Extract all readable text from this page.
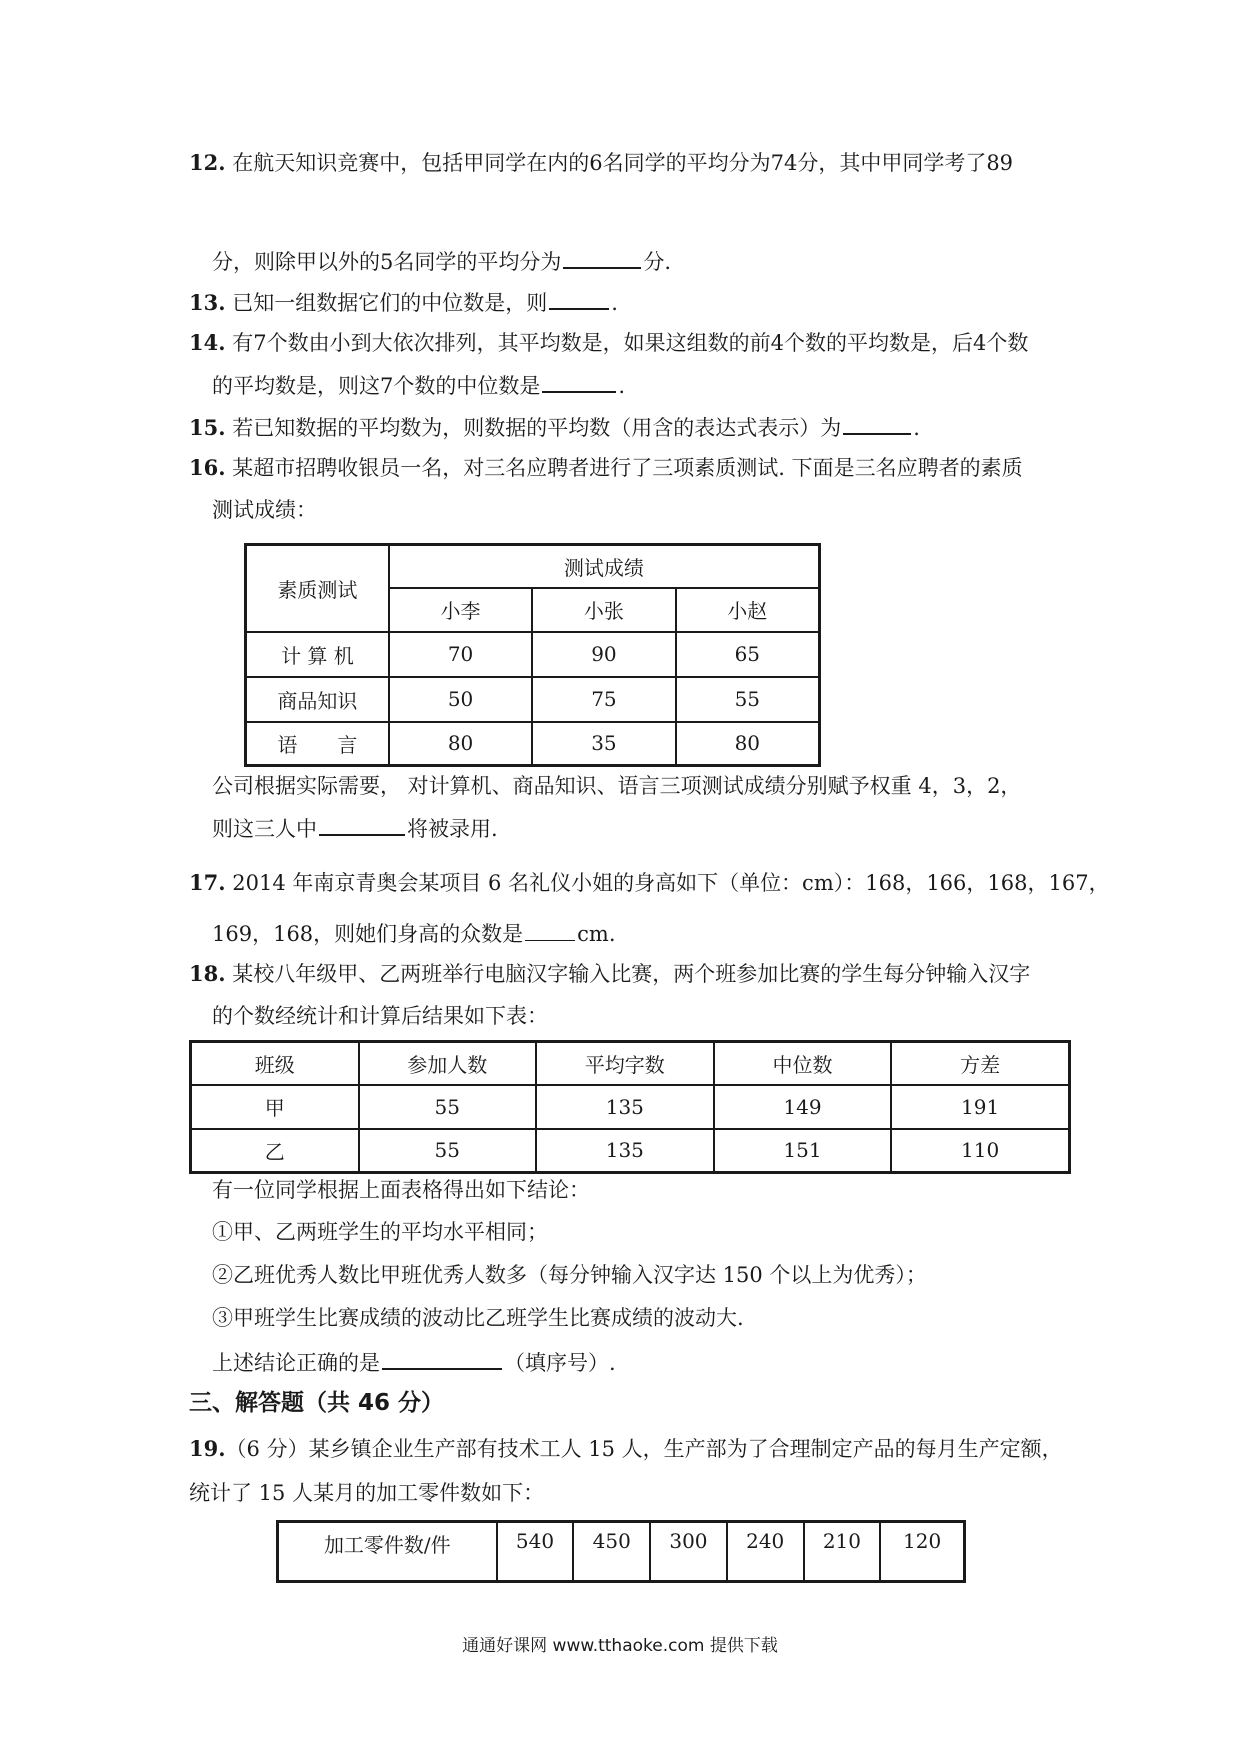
12. 在航天知识竞赛中，包括甲同学在内的6名同学的平均分为74分，其中甲同学考了89
分，则除甲以外的5名同学的平均分为	分.
13. 已知一组数据它们的中位数是，则	.
14. 有7个数由小到大依次排列，其平均数是，如果这组数的前4个数的平均数是，后4个数
的平均数是，则这7个数的中位数是	.
15. 若已知数据的平均数为，则数据的平均数（用含的表达式表示）为	.
16. 某超市招聘收银员一名，对三名应聘者进行了三项素质测试. 下面是三名应聘者的素质
测试成绩：
素质测试	测试成绩		
	小李	小张	小赵
计 算 机	70	90	65
商品知识	50	75	55
语　　言	80	35	80
公司根据实际需要， 对计算机、商品知识、语言三项测试成绩分别赋予权重 4，3，2，
则这三人中	将被录用.
17. 2014 年南京青奥会某项目 6 名礼仪小姐的身高如下（单位：cm）：168，166，168，167，
169，168，则她们身高的众数是	cm.
18. 某校八年级甲、乙两班举行电脑汉字输入比赛，两个班参加比赛的学生每分钟输入汉字
的个数经统计和计算后结果如下表：
班级	参加人数	平均字数	中位数	方差
甲	55	135	149	191
乙	55	135	151	110
有一位同学根据上面表格得出如下结论：
①甲、乙两班学生的平均水平相同；
②乙班优秀人数比甲班优秀人数多（每分钟输入汉字达 150 个以上为优秀）；
③甲班学生比赛成绩的波动比乙班学生比赛成绩的波动大.
上述结论正确的是	（填序号）.
三、解答题（共 46 分）
19.（6 分）某乡镇企业生产部有技术工人 15 人，生产部为了合理制定产品的每月生产定额，
统计了 15 人某月的加工零件数如下：
加工零件数/件	540	450	300	240	210	120
通通好课网 www.tthaoke.com 提供下载
